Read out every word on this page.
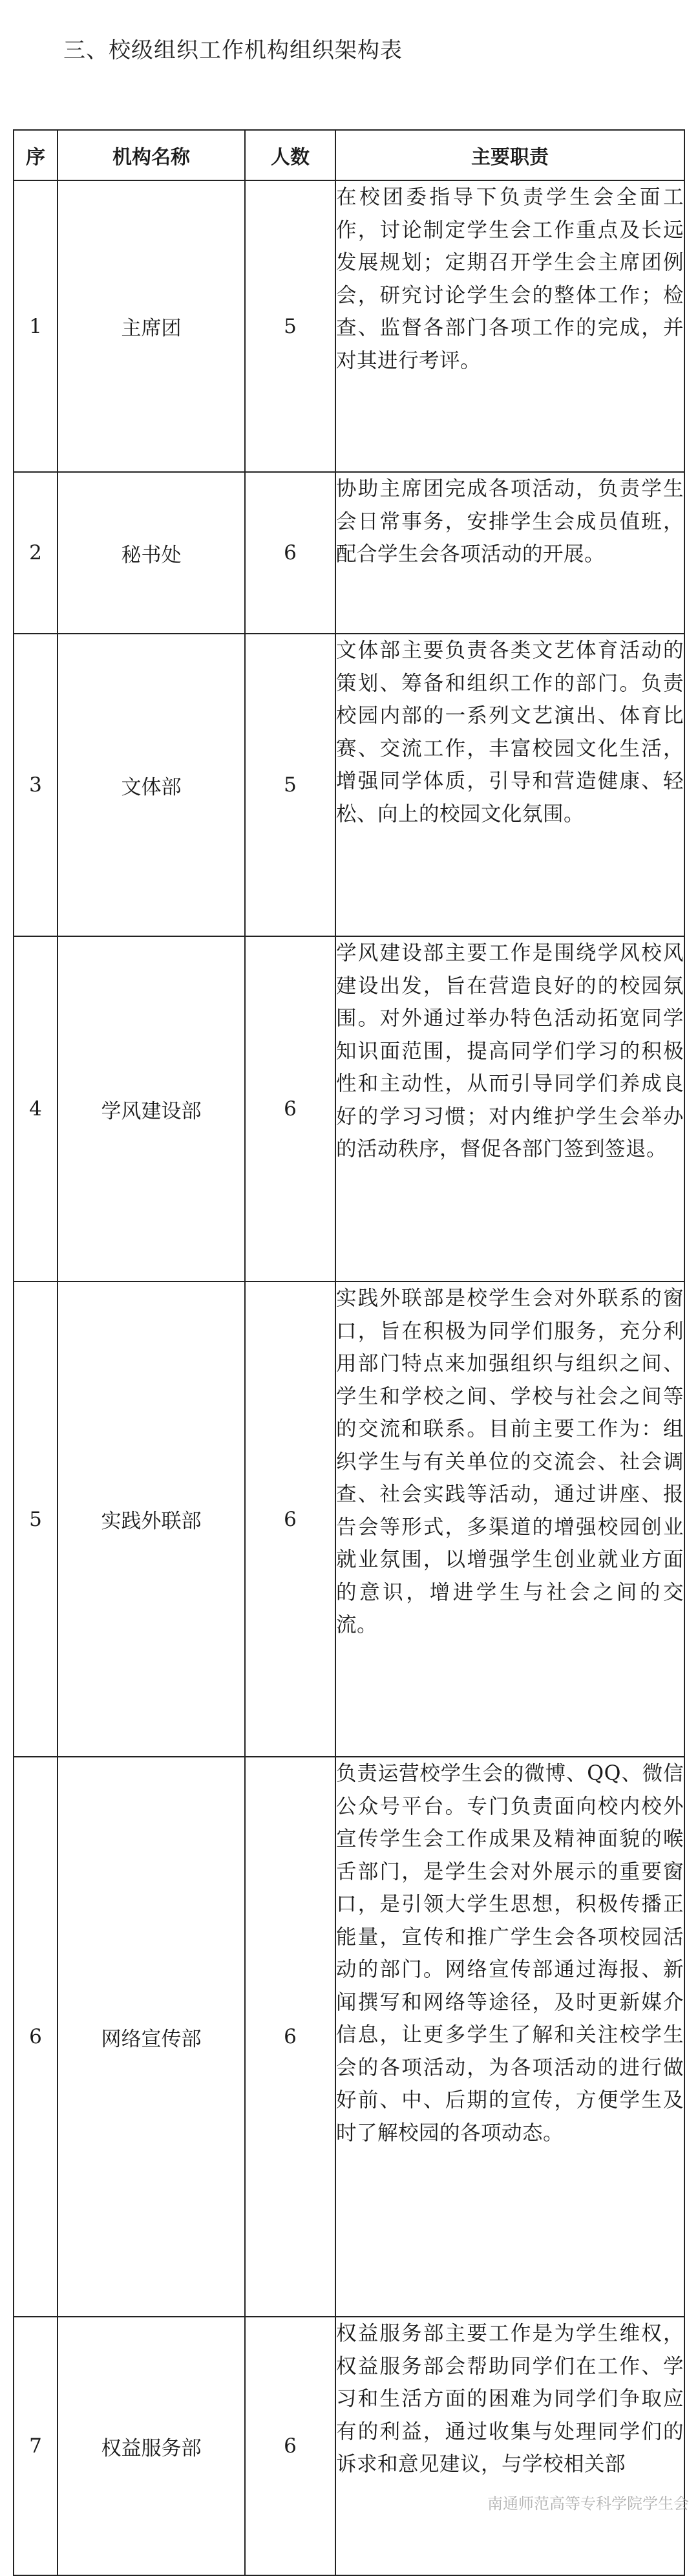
三、校级组织工作机构组织架构表
序	机构名称	人数	主要职责
1	主席团	5	在校团委指导下负责学生会全面工作，讨论制定学生会工作重点及长远发展规划；定期召开学生会主席团例会，研究讨论学生会的整体工作；检查、监督各部门各项工作的完成，并对其进行考评。
2	秘书处	6	协助主席团完成各项活动，负责学生会日常事务，安排学生会成员值班，配合学生会各项活动的开展。
3	文体部	5	文体部主要负责各类文艺体育活动的策划、筹备和组织工作的部门。负责校园内部的一系列文艺演出、体育比赛、交流工作，丰富校园文化生活，增强同学体质，引导和营造健康、轻松、向上的校园文化氛围。
4	学风建设部	6	学风建设部主要工作是围绕学风校风建设出发，旨在营造良好的的校园氛围。对外通过举办特色活动拓宽同学知识面范围，提高同学们学习的积极性和主动性，从而引导同学们养成良好的学习习惯；对内维护学生会举办的活动秩序，督促各部门签到签退。
5	实践外联部	6	实践外联部是校学生会对外联系的窗口，旨在积极为同学们服务，充分利用部门特点来加强组织与组织之间、学生和学校之间、学校与社会之间等的交流和联系。目前主要工作为：组织学生与有关单位的交流会、社会调查、社会实践等活动，通过讲座、报告会等形式，多渠道的增强校园创业就业氛围，以增强学生创业就业方面的意识，增进学生与社会之间的交流。
6	网络宣传部	6	负责运营校学生会的微博、QQ、微信公众号平台。专门负责面向校内校外宣传学生会工作成果及精神面貌的喉舌部门，是学生会对外展示的重要窗口，是引领大学生思想，积极传播正能量，宣传和推广学生会各项校园活动的部门。网络宣传部通过海报、新闻撰写和网络等途径，及时更新媒介信息，让更多学生了解和关注校学生会的各项活动，为各项活动的进行做好前、中、后期的宣传，方便学生及时了解校园的各项动态。
7	权益服务部	6	权益服务部主要工作是为学生维权，权益服务部会帮助同学们在工作、学习和生活方面的困难为同学们争取应有的利益，通过收集与处理同学们的诉求和意见建议，与学校相关部
南通师范高等专科学院学生会
